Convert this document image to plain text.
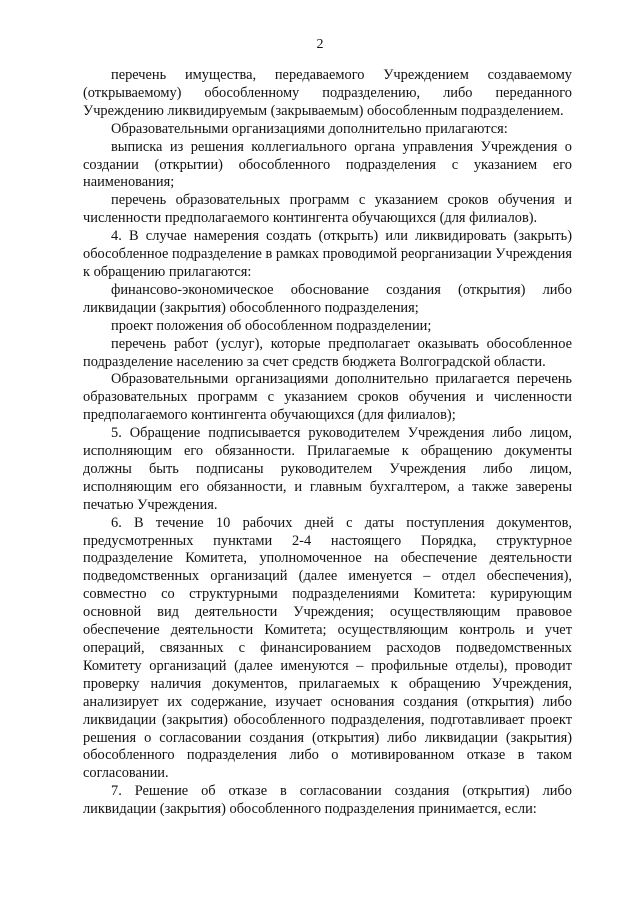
2

перечень имущества, передаваемого Учреждением создаваемому (открываемому) обособленному подразделению, либо переданного Учреждению ликвидируемым (закрываемым) обособленным подразделением.

Образовательными организациями дополнительно прилагаются:

выписка из решения коллегиального органа управления Учреждения о создании (открытии) обособленного подразделения с указанием его наименования;

перечень образовательных программ с указанием сроков обучения и численности предполагаемого контингента обучающихся (для филиалов).

4. В случае намерения создать (открыть) или ликвидировать (закрыть) обособленное подразделение в рамках проводимой реорганизации Учреждения к обращению прилагаются:

финансово-экономическое обоснование создания (открытия) либо ликвидации (закрытия) обособленного подразделения;

проект положения об обособленном подразделении;

перечень работ (услуг), которые предполагает оказывать обособленное подразделение населению за счет средств бюджета Волгоградской области.

Образовательными организациями дополнительно прилагается перечень образовательных программ с указанием сроков обучения и численности предполагаемого контингента обучающихся (для филиалов);

5. Обращение подписывается руководителем Учреждения либо лицом, исполняющим его обязанности. Прилагаемые к обращению документы должны быть подписаны руководителем Учреждения либо лицом, исполняющим его обязанности, и главным бухгалтером, а также заверены печатью Учреждения.

6. В течение 10 рабочих дней с даты поступления документов, предусмотренных пунктами 2-4 настоящего Порядка, структурное подразделение Комитета, уполномоченное на обеспечение деятельности подведомственных организаций (далее именуется – отдел обеспечения), совместно со структурными подразделениями Комитета: курирующим основной вид деятельности Учреждения; осуществляющим правовое обеспечение деятельности Комитета; осуществляющим контроль и учет операций, связанных с финансированием расходов подведомственных Комитету организаций (далее именуются – профильные отделы), проводит проверку наличия документов, прилагаемых к обращению Учреждения, анализирует их содержание, изучает основания создания (открытия) либо ликвидации (закрытия) обособленного подразделения, подготавливает проект решения о согласовании создания (открытия) либо ликвидации (закрытия) обособленного подразделения либо о мотивированном отказе в таком согласовании.

7. Решение об отказе в согласовании создания (открытия) либо ликвидации (закрытия) обособленного подразделения принимается, если:
